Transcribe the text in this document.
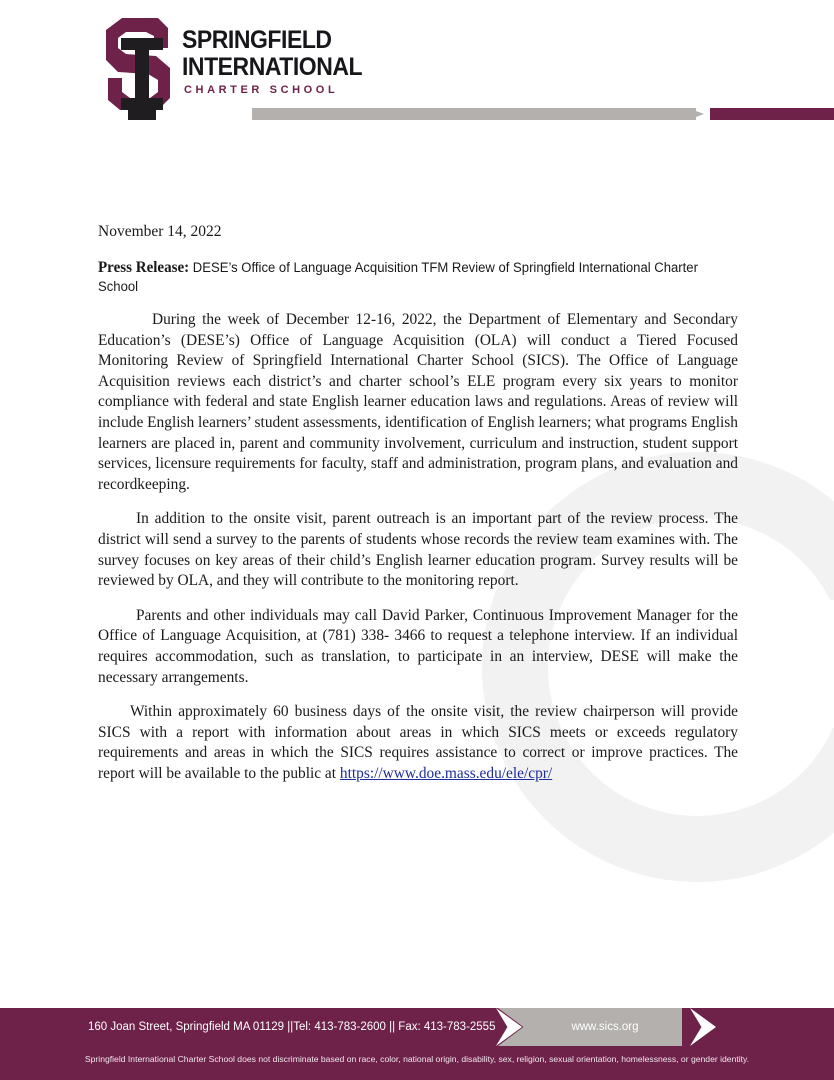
SPRINGFIELD
INTERNATIONAL
CHARTER SCHOOL
November 14, 2022
Press Release: DESE’s Office of Language Acquisition TFM Review of Springfield International Charter School

During the week of December 12-16, 2022, the Department of Elementary and Secondary Education’s (DESE’s) Office of Language Acquisition (OLA) will conduct a Tiered Focused Monitoring Review of Springfield International Charter School (SICS). The Office of Language Acquisition reviews each district’s and charter school’s ELE program every six years to monitor compliance with federal and state English learner education laws and regulations. Areas of review will include English learners’ student assessments, identification of English learners; what programs English learners are placed in, parent and community involvement, curriculum and instruction, student support services, licensure requirements for faculty, staff and administration, program plans, and evaluation and recordkeeping.

In addition to the onsite visit, parent outreach is an important part of the review process. The district will send a survey to the parents of students whose records the review team examines with. The survey focuses on key areas of their child’s English learner education program. Survey results will be reviewed by OLA, and they will contribute to the monitoring report.

Parents and other individuals may call David Parker, Continuous Improvement Manager for the Office of Language Acquisition, at (781) 338- 3466 to request a telephone interview. If an individual requires accommodation, such as translation, to participate in an interview, DESE will make the necessary arrangements.

Within approximately 60 business days of the onsite visit, the review chairperson will provide SICS with a report with information about areas in which SICS meets or exceeds regulatory requirements and areas in which the SICS requires assistance to correct or improve practices. The report will be available to the public at https://www.doe.mass.edu/ele/cpr/

160 Joan Street, Springfield MA 01129 ||Tel: 413-783-2600 || Fax: 413-783-2555	www.sics.org
Springfield International Charter School does not discriminate based on race, color, national origin, disability, sex, religion, sexual orientation, homelessness, or gender identity.
